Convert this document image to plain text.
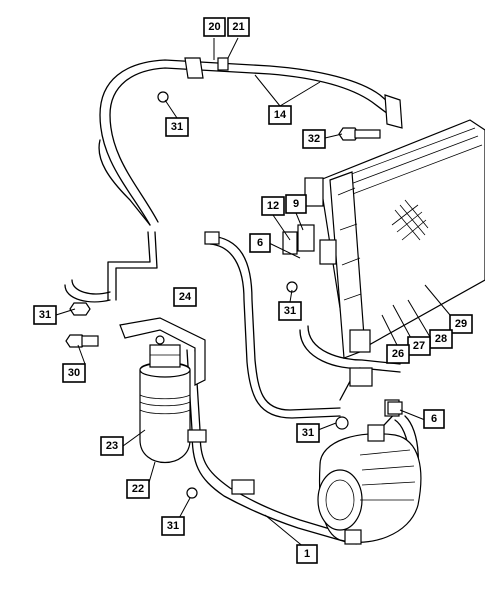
20 21
14
31
32
9
12
6
31
24
31
30
29
28
27
26
6
31
23
22
31
1
